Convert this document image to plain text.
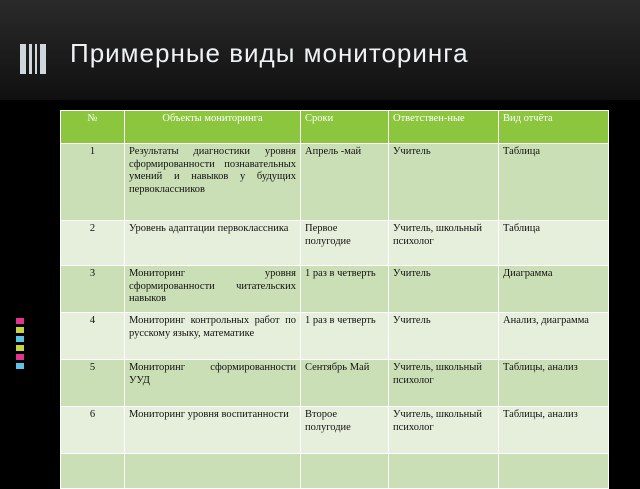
Примерные виды мониторинга
№	Объекты мониторинга	Сроки	Ответствен-ные	Вид отчёта
1	Результаты диагностики уровня сформированности познавательных умений и навыков у будущих первоклассников	Апрель -май	Учитель	Таблица
2	Уровень адаптации первоклассника	Первое полугодие	Учитель, школьный психолог	Таблица
3	Мониторинг уровня сформированности читательских навыков	1 раз в четверть	Учитель	Диаграмма
4	Мониторинг контрольных работ по русскому языку, математике	1 раз в четверть	Учитель	Анализ, диаграмма
5	Мониторинг сформированности УУД	Сентябрь Май	Учитель, школьный психолог	Таблицы, анализ
6	Мониторинг уровня воспитанности	Второе полугодие	Учитель, школьный психолог	Таблицы, анализ
